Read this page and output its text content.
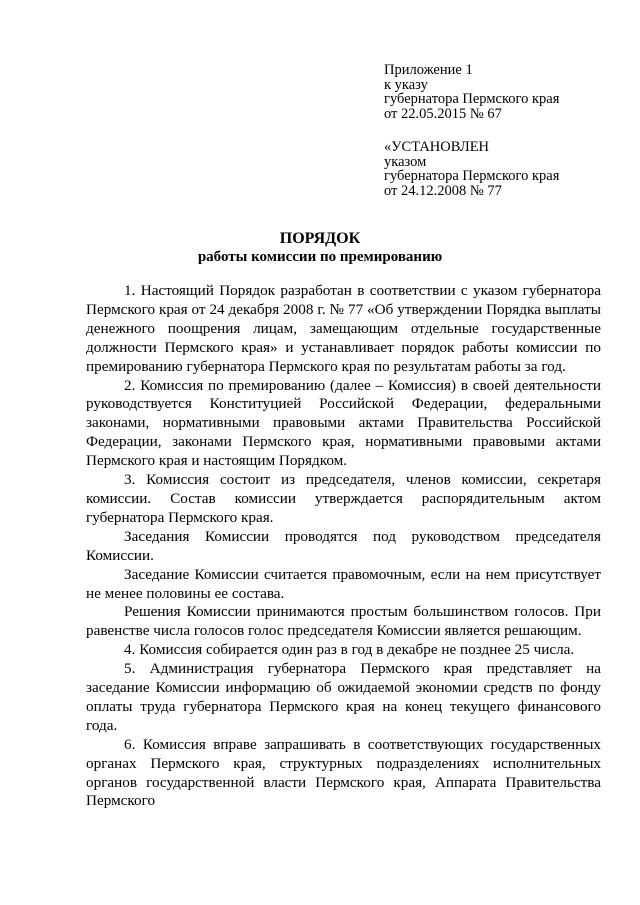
Приложение 1
к указу
губернатора Пермского края
от 22.05.2015 № 67
«УСТАНОВЛЕН
указом
губернатора Пермского края
от 24.12.2008 № 77
ПОРЯДОК
работы комиссии по премированию

1. Настоящий Порядок разработан в соответствии с указом губернатора Пермского края от 24 декабря 2008 г. № 77 «Об утверждении Порядка выплаты денежного поощрения лицам, замещающим отдельные государственные должности Пермского края» и устанавливает порядок работы комиссии по премированию губернатора Пермского края по результатам работы за год.

2. Комиссия по премированию (далее – Комиссия) в своей деятельности руководствуется Конституцией Российской Федерации, федеральными законами, нормативными правовыми актами Правительства Российской Федерации, законами Пермского края, нормативными правовыми актами Пермского края и настоящим Порядком.

3. Комиссия состоит из председателя, членов комиссии, секретаря комиссии. Состав комиссии утверждается распорядительным актом губернатора Пермского края.

Заседания Комиссии проводятся под руководством председателя Комиссии.

Заседание Комиссии считается правомочным, если на нем присутствует не менее половины ее состава.

Решения Комиссии принимаются простым большинством голосов. При равенстве числа голосов голос председателя Комиссии является решающим.

4. Комиссия собирается один раз в год в декабре не позднее 25 числа.

5. Администрация губернатора Пермского края представляет на заседание Комиссии информацию об ожидаемой экономии средств по фонду оплаты труда губернатора Пермского края на конец текущего финансового года.

6. Комиссия вправе запрашивать в соответствующих государственных органах Пермского края, структурных подразделениях исполнительных органов государственной власти Пермского края, Аппарата Правительства Пермского
